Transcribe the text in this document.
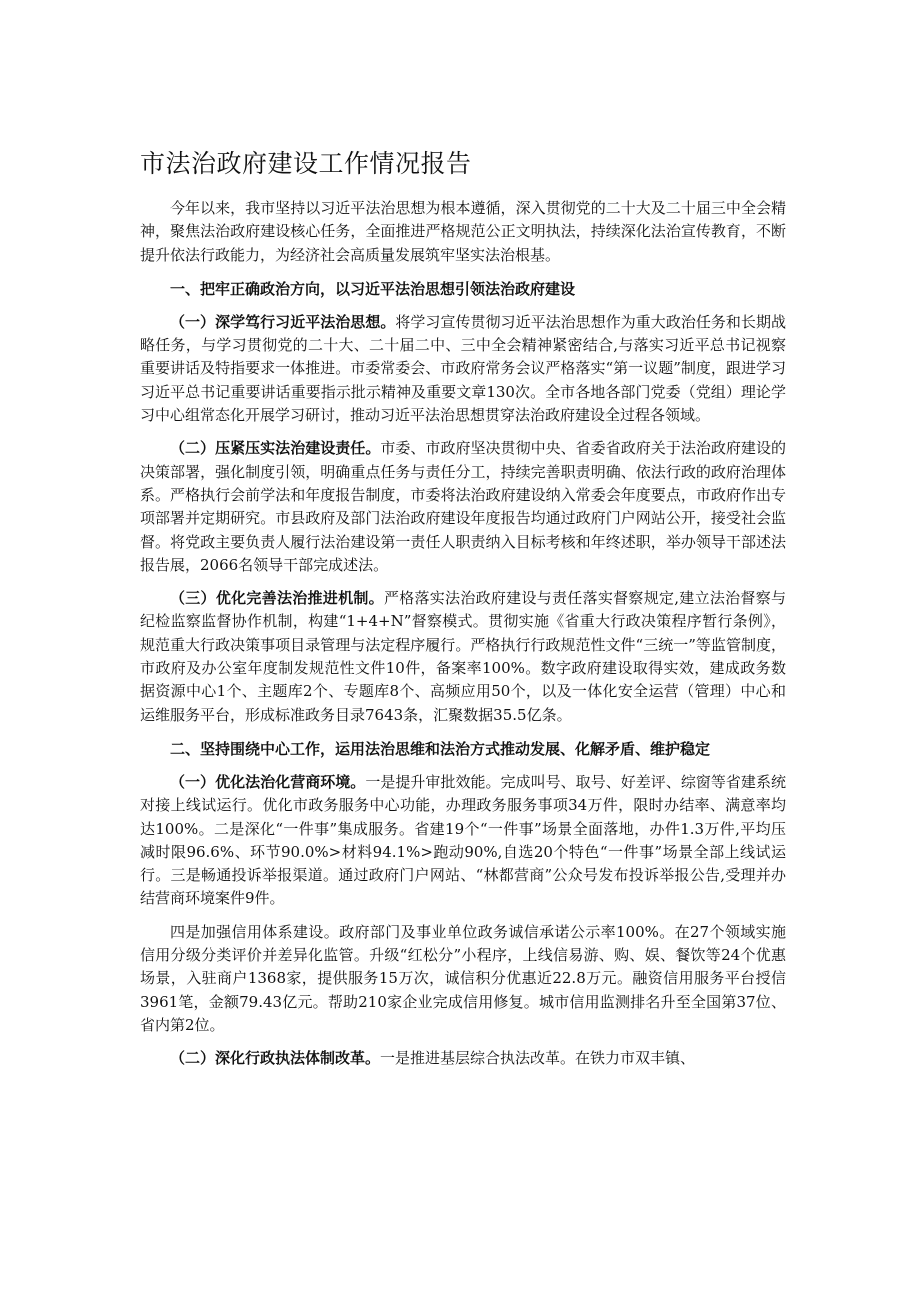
市法治政府建设工作情况报告

今年以来，我市坚持以习近平法治思想为根本遵循，深入贯彻党的二十大及二十届三中全会精神，聚焦法治政府建设核心任务，全面推进严格规范公正文明执法，持续深化法治宣传教育，不断提升依法行政能力，为经济社会高质量发展筑牢坚实法治根基。

一、把牢正确政治方向，以习近平法治思想引领法治政府建设

（一）深学笃行习近平法治思想。将学习宣传贯彻习近平法治思想作为重大政治任务和长期战略任务，与学习贯彻党的二十大、二十届二中、三中全会精神紧密结合,与落实习近平总书记视察重要讲话及特指要求一体推进。市委常委会、市政府常务会议严格落实“第一议题”制度，跟进学习习近平总书记重要讲话重要指示批示精神及重要文章130次。全市各地各部门党委（党组）理论学习中心组常态化开展学习研讨，推动习近平法治思想贯穿法治政府建设全过程各领域。

（二）压紧压实法治建设责任。市委、市政府坚决贯彻中央、省委省政府关于法治政府建设的决策部署，强化制度引领，明确重点任务与责任分工，持续完善职责明确、依法行政的政府治理体系。严格执行会前学法和年度报告制度，市委将法治政府建设纳入常委会年度要点，市政府作出专项部署并定期研究。市县政府及部门法治政府建设年度报告均通过政府门户网站公开，接受社会监督。将党政主要负责人履行法治建设第一责任人职责纳入目标考核和年终述职，举办领导干部述法报告展，2066名领导干部完成述法。

（三）优化完善法治推进机制。严格落实法治政府建设与责任落实督察规定,建立法治督察与纪检监察监督协作机制，构建“1+4+N”督察模式。贯彻实施《省重大行政决策程序暂行条例》，规范重大行政决策事项目录管理与法定程序履行。严格执行行政规范性文件“三统一”等监管制度，市政府及办公室年度制发规范性文件10件，备案率100%。数字政府建设取得实效，建成政务数据资源中心1个、主题库2个、专题库8个、高频应用50个，以及一体化安全运营（管理）中心和运维服务平台，形成标准政务目录7643条，汇聚数据35.5亿条。

二、坚持围绕中心工作，运用法治思维和法治方式推动发展、化解矛盾、维护稳定

（一）优化法治化营商环境。一是提升审批效能。完成叫号、取号、好差评、综窗等省建系统对接上线试运行。优化市政务服务中心功能，办理政务服务事项34万件，限时办结率、满意率均达100%。二是深化“一件事”集成服务。省建19个“一件事”场景全面落地，办件1.3万件,平均压减时限96.6%、环节90.0%>材料94.1%>跑动90%,自选20个特色“一件事”场景全部上线试运行。三是畅通投诉举报渠道。通过政府门户网站、“林都营商”公众号发布投诉举报公告,受理并办结营商环境案件9件。

四是加强信用体系建设。政府部门及事业单位政务诚信承诺公示率100%。在27个领域实施信用分级分类评价并差异化监管。升级“红松分”小程序，上线信易游、购、娱、餐饮等24个优惠场景，入驻商户1368家，提供服务15万次，诚信积分优惠近22.8万元。融资信用服务平台授信3961笔，金额79.43亿元。帮助210家企业完成信用修复。城市信用监测排名升至全国第37位、省内第2位。

（二）深化行政执法体制改革。一是推进基层综合执法改革。在铁力市双丰镇、
